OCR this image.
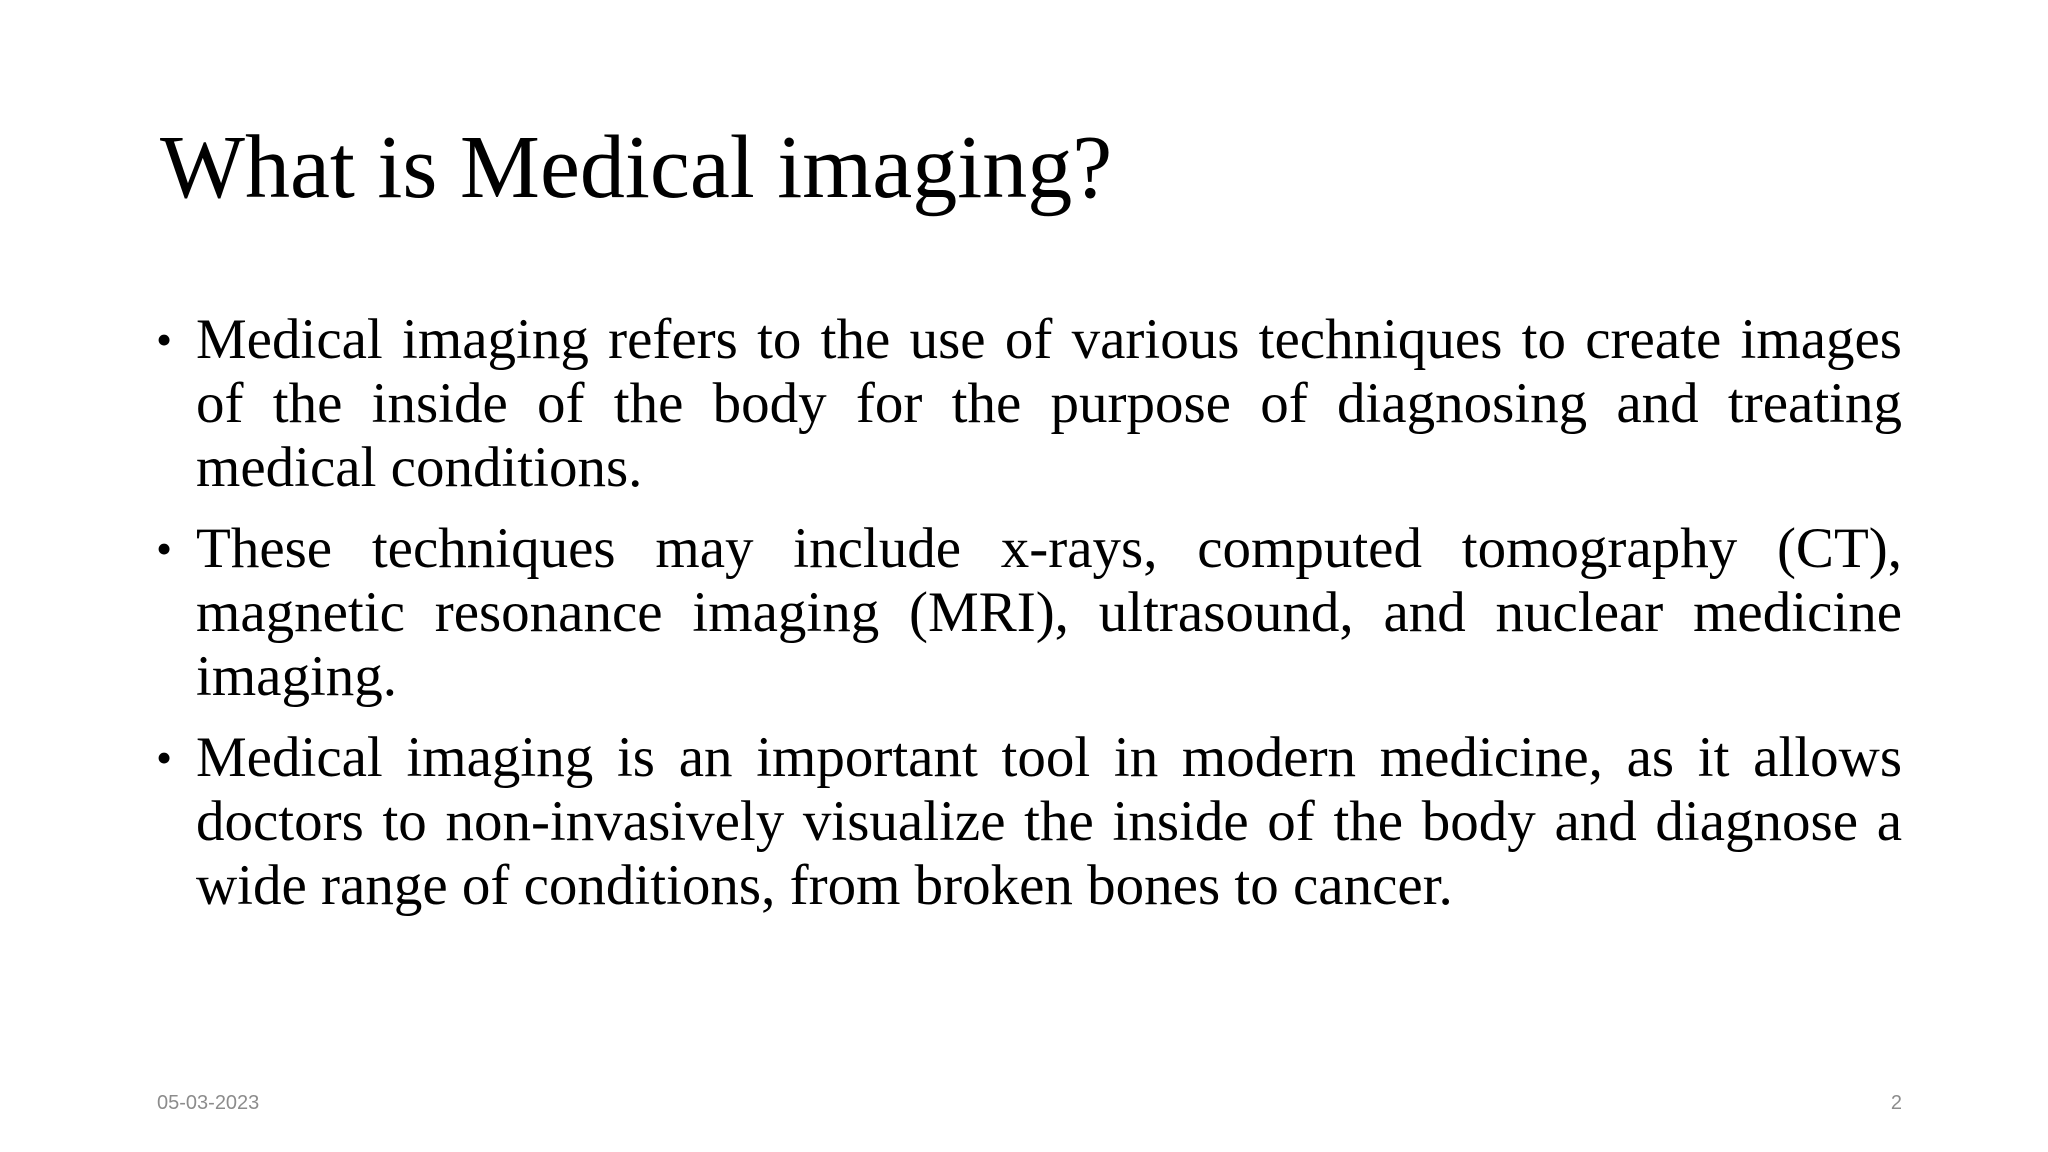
What is Medical imaging?
• Medical imaging refers to the use of various techniques to create images of the inside of the body for the purpose of diagnosing and treating medical conditions.
• These techniques may include x-rays, computed tomography (CT), magnetic resonance imaging (MRI), ultrasound, and nuclear medicine imaging.
• Medical imaging is an important tool in modern medicine, as it allows doctors to non-invasively visualize the inside of the body and diagnose a wide range of conditions, from broken bones to cancer.
05-03-2023	2
